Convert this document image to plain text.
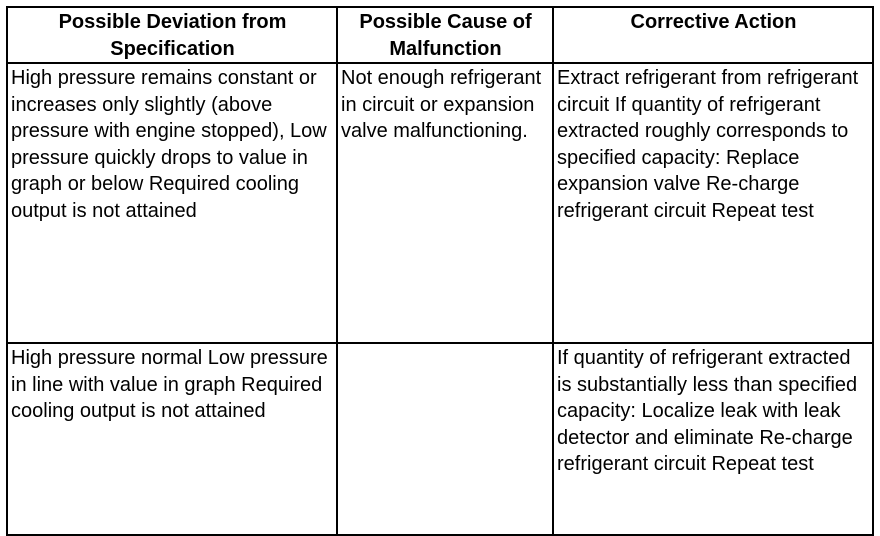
Possible Deviation from Specification	Possible Cause of Malfunction	Corrective Action
High pressure remains constant or increases only slightly (above pressure with engine stopped), Low pressure quickly drops to value in graph or below Required cooling output is not attained	Not enough refrigerant in circuit or expansion valve malfunctioning.	Extract refrigerant from refrigerant circuit If quantity of refrigerant extracted roughly corresponds to specified capacity: Replace expansion valve Re-charge refrigerant circuit Repeat test
High pressure normal Low pressure in line with value in graph Required cooling output is not attained		If quantity of refrigerant extracted is substantially less than specified capacity: Localize leak with leak detector and eliminate Re-charge refrigerant circuit Repeat test
